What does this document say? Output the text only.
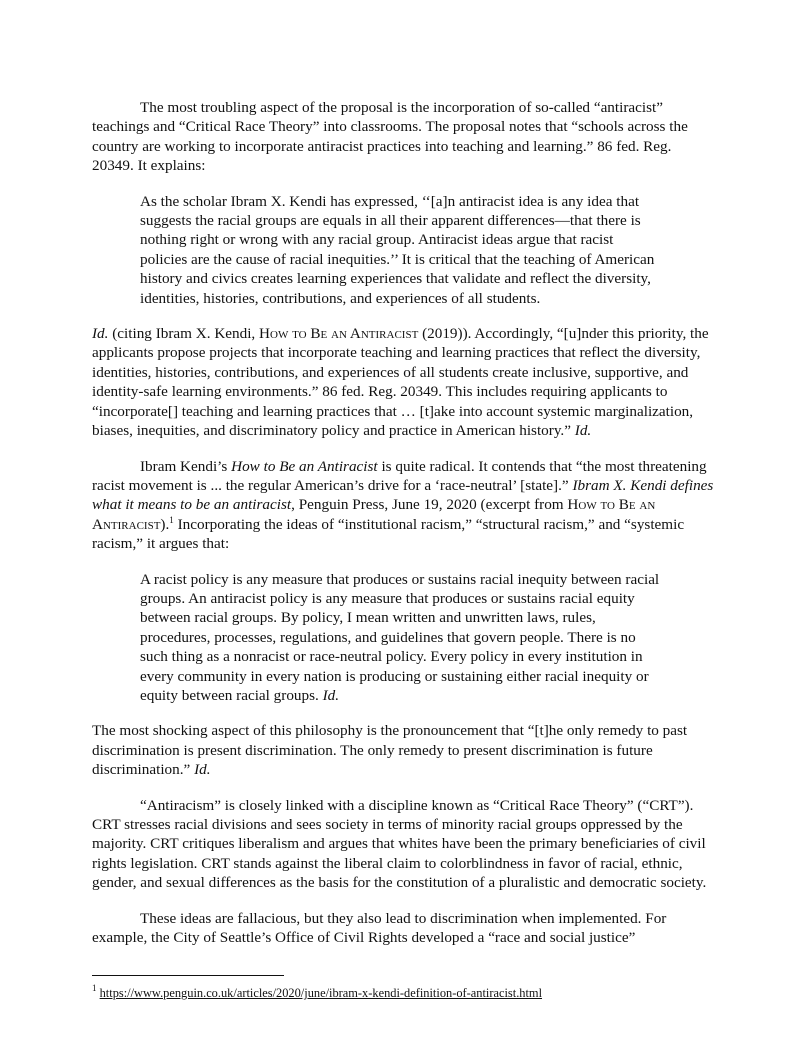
The most troubling aspect of the proposal is the incorporation of so-called “antiracist” teachings and “Critical Race Theory” into classrooms. The proposal notes that “schools across the country are working to incorporate antiracist practices into teaching and learning.” 86 fed. Reg. 20349. It explains:

As the scholar Ibram X. Kendi has expressed, ‘‘[a]n antiracist idea is any idea that suggests the racial groups are equals in all their apparent differences—that there is nothing right or wrong with any racial group. Antiracist ideas argue that racist policies are the cause of racial inequities.’’ It is critical that the teaching of American history and civics creates learning experiences that validate and reflect the diversity, identities, histories, contributions, and experiences of all students.

Id. (citing Ibram X. Kendi, How to Be an Antiracist (2019)). Accordingly, “[u]nder this priority, the applicants propose projects that incorporate teaching and learning practices that reflect the diversity, identities, histories, contributions, and experiences of all students create inclusive, supportive, and identity-safe learning environments.” 86 fed. Reg. 20349. This includes requiring applicants to “incorporate[] teaching and learning practices that … [t]ake into account systemic marginalization, biases, inequities, and discriminatory policy and practice in American history.” Id.

Ibram Kendi’s How to Be an Antiracist is quite radical. It contends that “the most threatening racist movement is ... the regular American’s drive for a ‘race-neutral’ [state].” Ibram X. Kendi defines what it means to be an antiracist, Penguin Press, June 19, 2020 (excerpt from How to Be an Antiracist).$^1$ Incorporating the ideas of “institutional racism,” “structural racism,” and “systemic racism,” it argues that:

A racist policy is any measure that produces or sustains racial inequity between racial groups. An antiracist policy is any measure that produces or sustains racial equity between racial groups. By policy, I mean written and unwritten laws, rules, procedures, processes, regulations, and guidelines that govern people. There is no such thing as a nonracist or race-neutral policy. Every policy in every institution in every community in every nation is producing or sustaining either racial inequity or equity between racial groups. Id.

The most shocking aspect of this philosophy is the pronouncement that “[t]he only remedy to past discrimination is present discrimination. The only remedy to present discrimination is future discrimination.” Id.

“Antiracism” is closely linked with a discipline known as “Critical Race Theory” (“CRT”). CRT stresses racial divisions and sees society in terms of minority racial groups oppressed by the majority. CRT critiques liberalism and argues that whites have been the primary beneficiaries of civil rights legislation. CRT stands against the liberal claim to colorblindness in favor of racial, ethnic, gender, and sexual differences as the basis for the constitution of a pluralistic and democratic society.

These ideas are fallacious, but they also lead to discrimination when implemented. For example, the City of Seattle’s Office of Civil Rights developed a “race and social justice”

$^1$ https://www.penguin.co.uk/articles/2020/june/ibram-x-kendi-definition-of-antiracist.html
